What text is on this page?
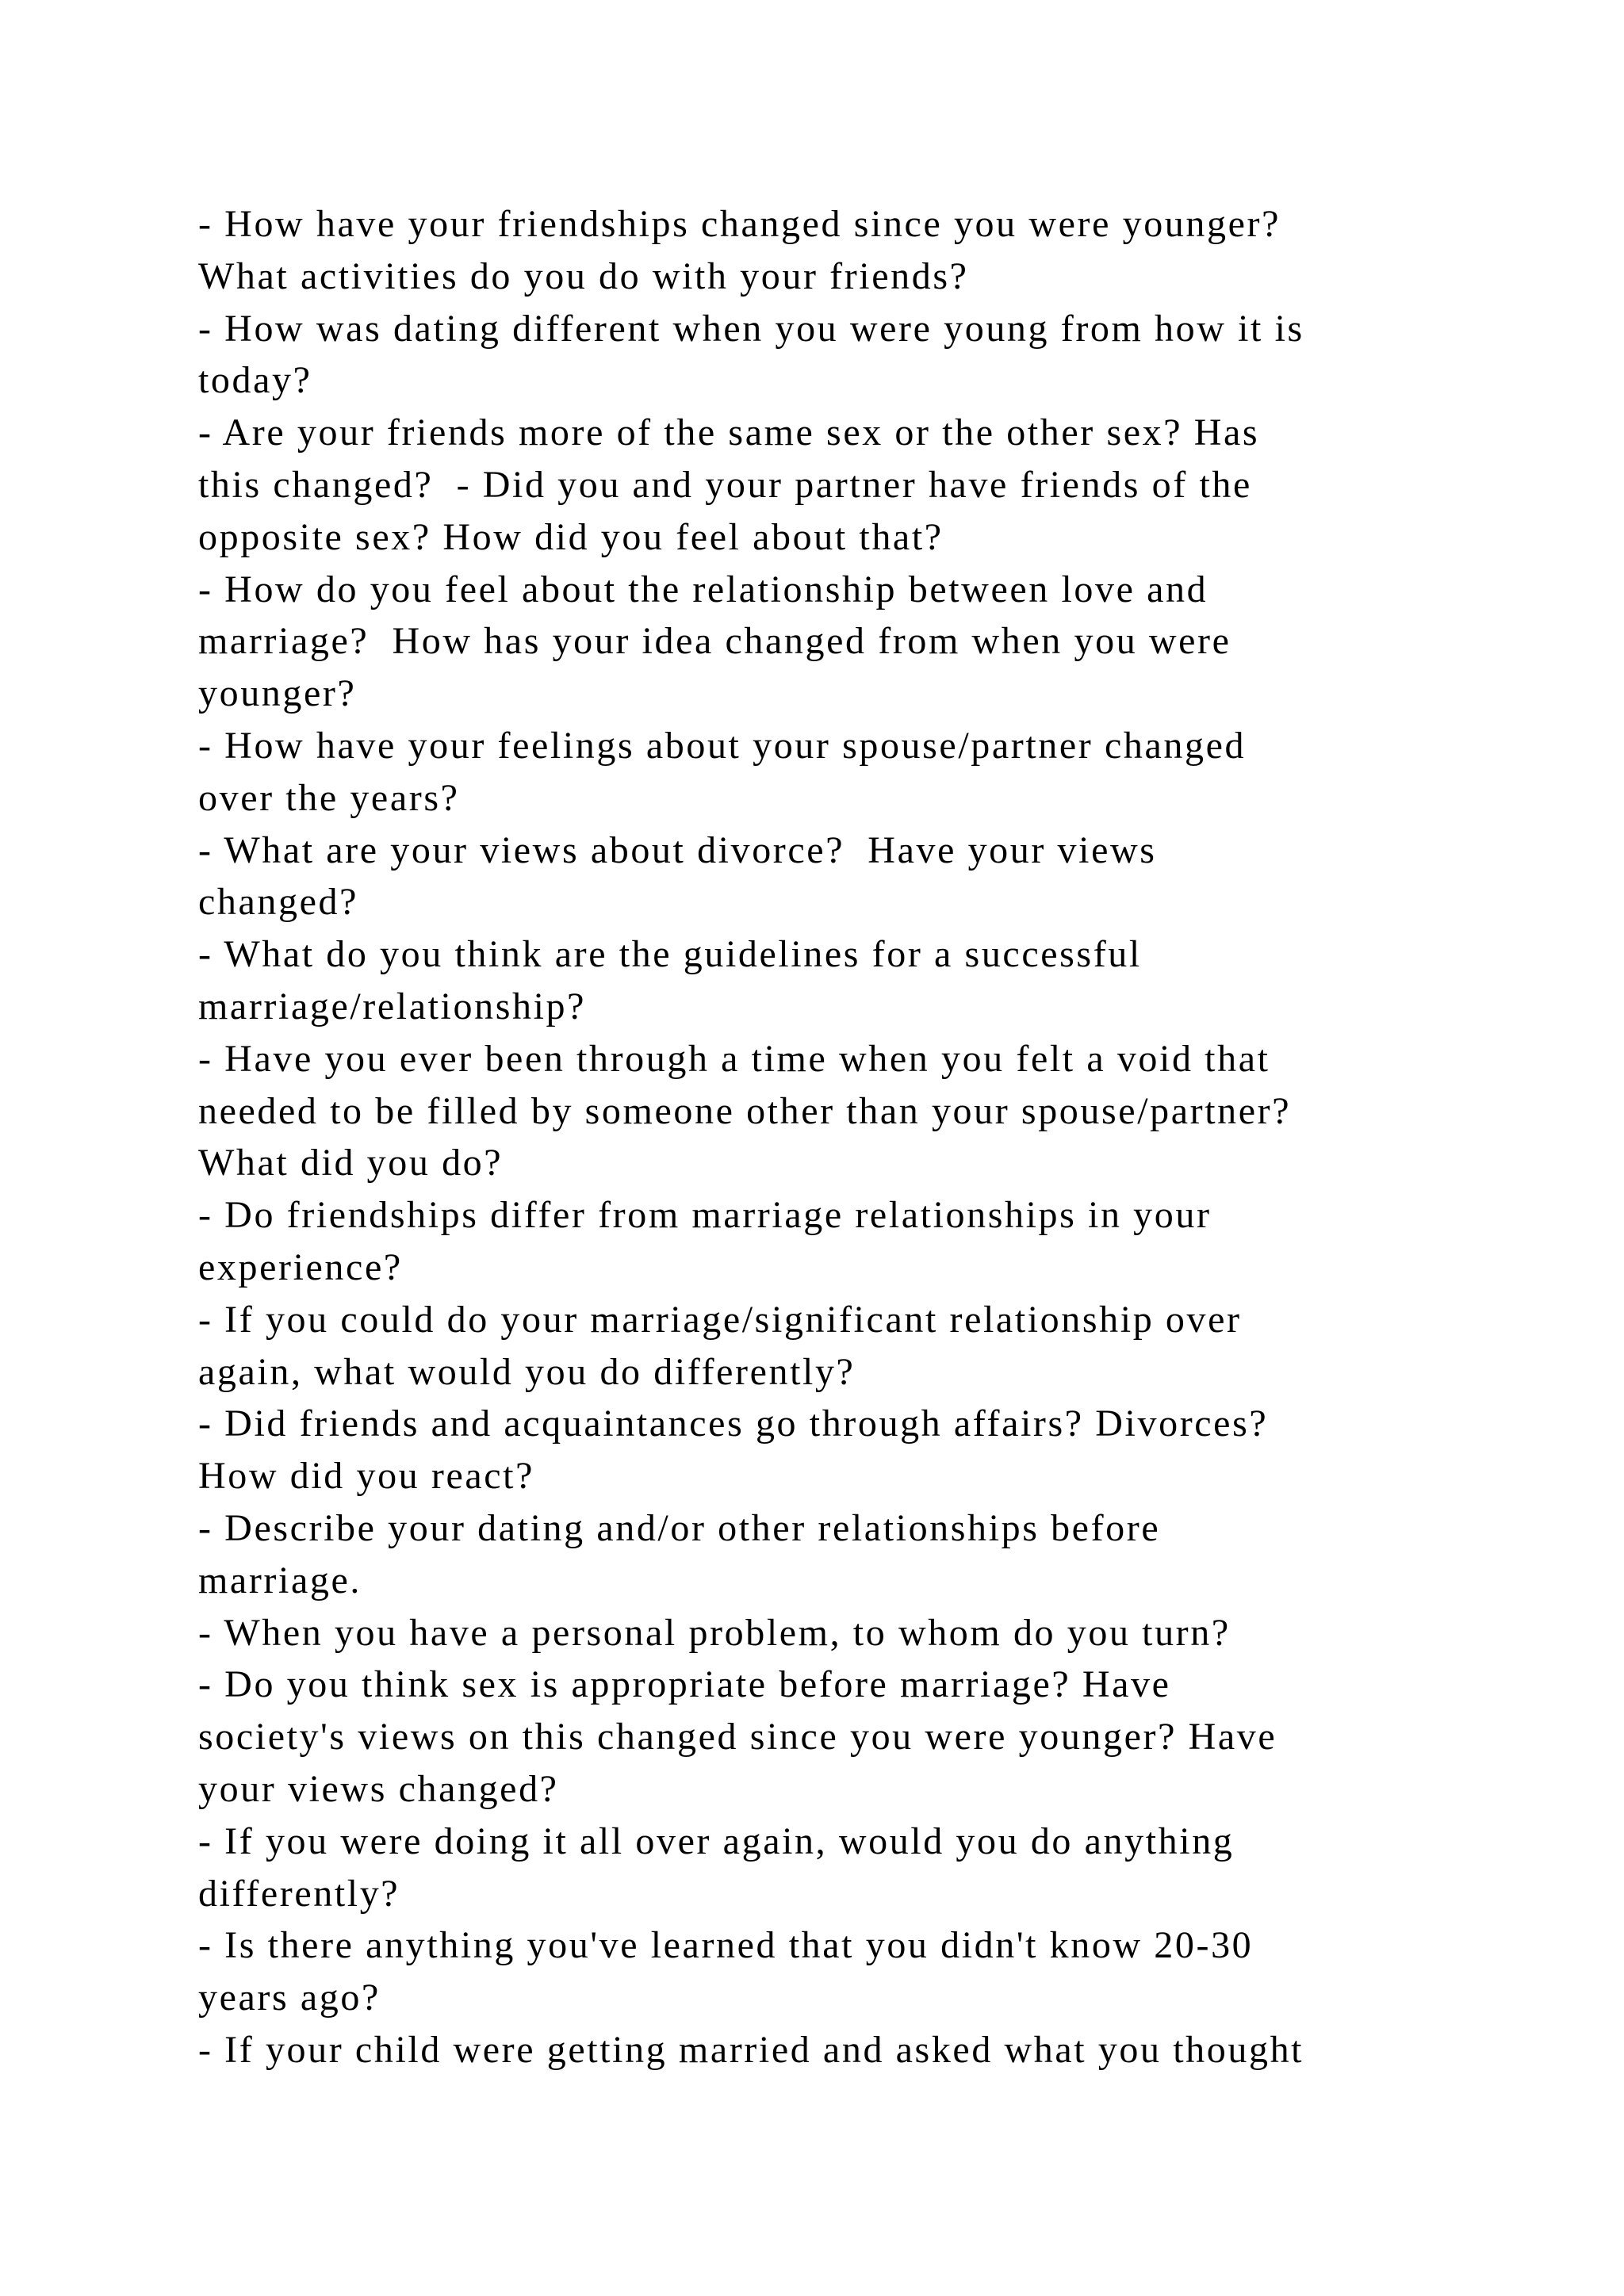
- How have your friendships changed since you were younger?
What activities do you do with your friends?
- How was dating different when you were young from how it is
today?
- Are your friends more of the same sex or the other sex? Has
this changed?  - Did you and your partner have friends of the
opposite sex? How did you feel about that?
- How do you feel about the relationship between love and
marriage?  How has your idea changed from when you were
younger?
- How have your feelings about your spouse/partner changed
over the years?
- What are your views about divorce?  Have your views
changed?
- What do you think are the guidelines for a successful
marriage/relationship?
- Have you ever been through a time when you felt a void that
needed to be filled by someone other than your spouse/partner?
What did you do?
- Do friendships differ from marriage relationships in your
experience?
- If you could do your marriage/significant relationship over
again, what would you do differently?
- Did friends and acquaintances go through affairs? Divorces?
How did you react?
- Describe your dating and/or other relationships before
marriage.
- When you have a personal problem, to whom do you turn?
- Do you think sex is appropriate before marriage? Have
society's views on this changed since you were younger? Have
your views changed?
- If you were doing it all over again, would you do anything
differently?
- Is there anything you've learned that you didn't know 20-30
years ago?
- If your child were getting married and asked what you thought
